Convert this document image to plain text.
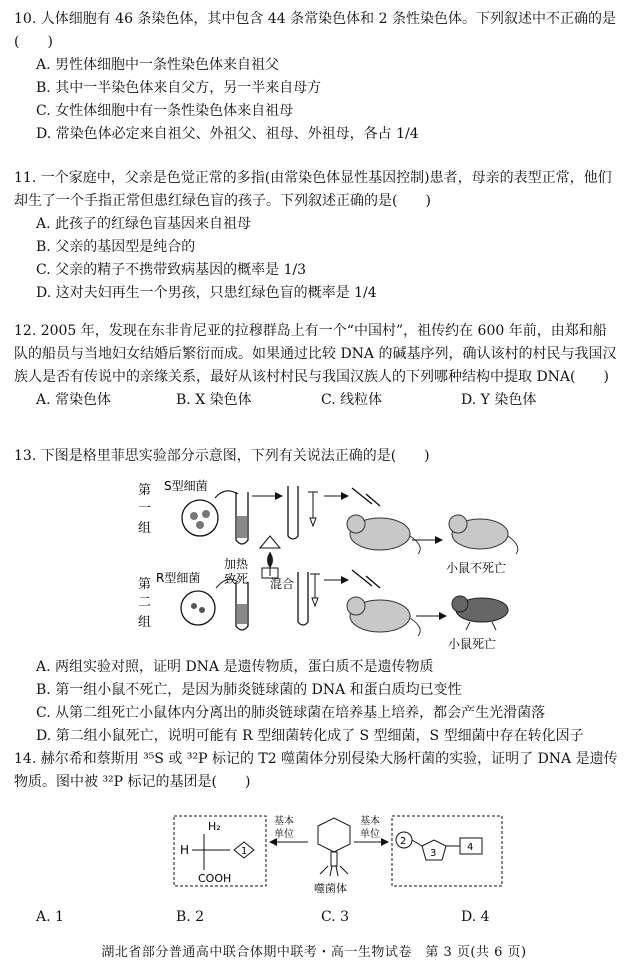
10. 人体细胞有 46 条染色体，其中包含 44 条常染色体和 2 条性染色体。下列叙述中不正确的是(　　)

A. 男性体细胞中一条性染色体来自祖父

B. 其中一半染色体来自父方，另一半来自母方

C. 女性体细胞中有一条性染色体来自祖母

D. 常染色体必定来自祖父、外祖父、祖母、外祖母，各占 1/4

11. 一个家庭中，父亲是色觉正常的多指(由常染色体显性基因控制)患者，母亲的表型正常，他们却生了一个手指正常但患红绿色盲的孩子。下列叙述正确的是(　　)

A. 此孩子的红绿色盲基因来自祖母

B. 父亲的基因型是纯合的

C. 父亲的精子不携带致病基因的概率是 1/3

D. 这对夫妇再生一个男孩，只患红绿色盲的概率是 1/4

12. 2005 年，发现在东非肯尼亚的拉穆群岛上有一个“中国村”，祖传约在 600 年前，由郑和船队的船员与当地妇女结婚后繁衍而成。如果通过比较 DNA 的碱基序列，确认该村的村民与我国汉族人是否有传说中的亲缘关系，最好从该村村民与我国汉族人的下列哪种结构中提取 DNA(　　)

A. 常染色体	B. X 染色体	C. 线粒体	D. Y 染色体

13. 下图是格里菲思实验部分示意图，下列有关说法正确的是(　　)

第
一
组
S型细菌
加热
致死
小鼠不死亡
第
二
组
R型细菌	混合
小鼠死亡

A. 两组实验对照，证明 DNA 是遗传物质，蛋白质不是遗传物质

B. 第一组小鼠不死亡，是因为肺炎链球菌的 DNA 和蛋白质均已变性

C. 从第二组死亡小鼠体内分离出的肺炎链球菌在培养基上培养，都会产生光滑菌落

D. 第二组小鼠死亡，说明可能有 R 型细菌转化成了 S 型细菌，S 型细菌中存在转化因子

14. 赫尔希和蔡斯用 ³⁵S 或 ³²P 标记的 T2 噬菌体分别侵染大肠杆菌的实验，证明了 DNA 是遗传物质。图中被 ³²P 标记的基团是(　　)

H₂
H	1
COOH
基本
单位
噬菌体
基本
单位
2
3
4
A. 1	B. 2	C. 3	D. 4
湖北省部分普通高中联合体期中联考・高一生物试卷　第 3 页(共 6 页)
